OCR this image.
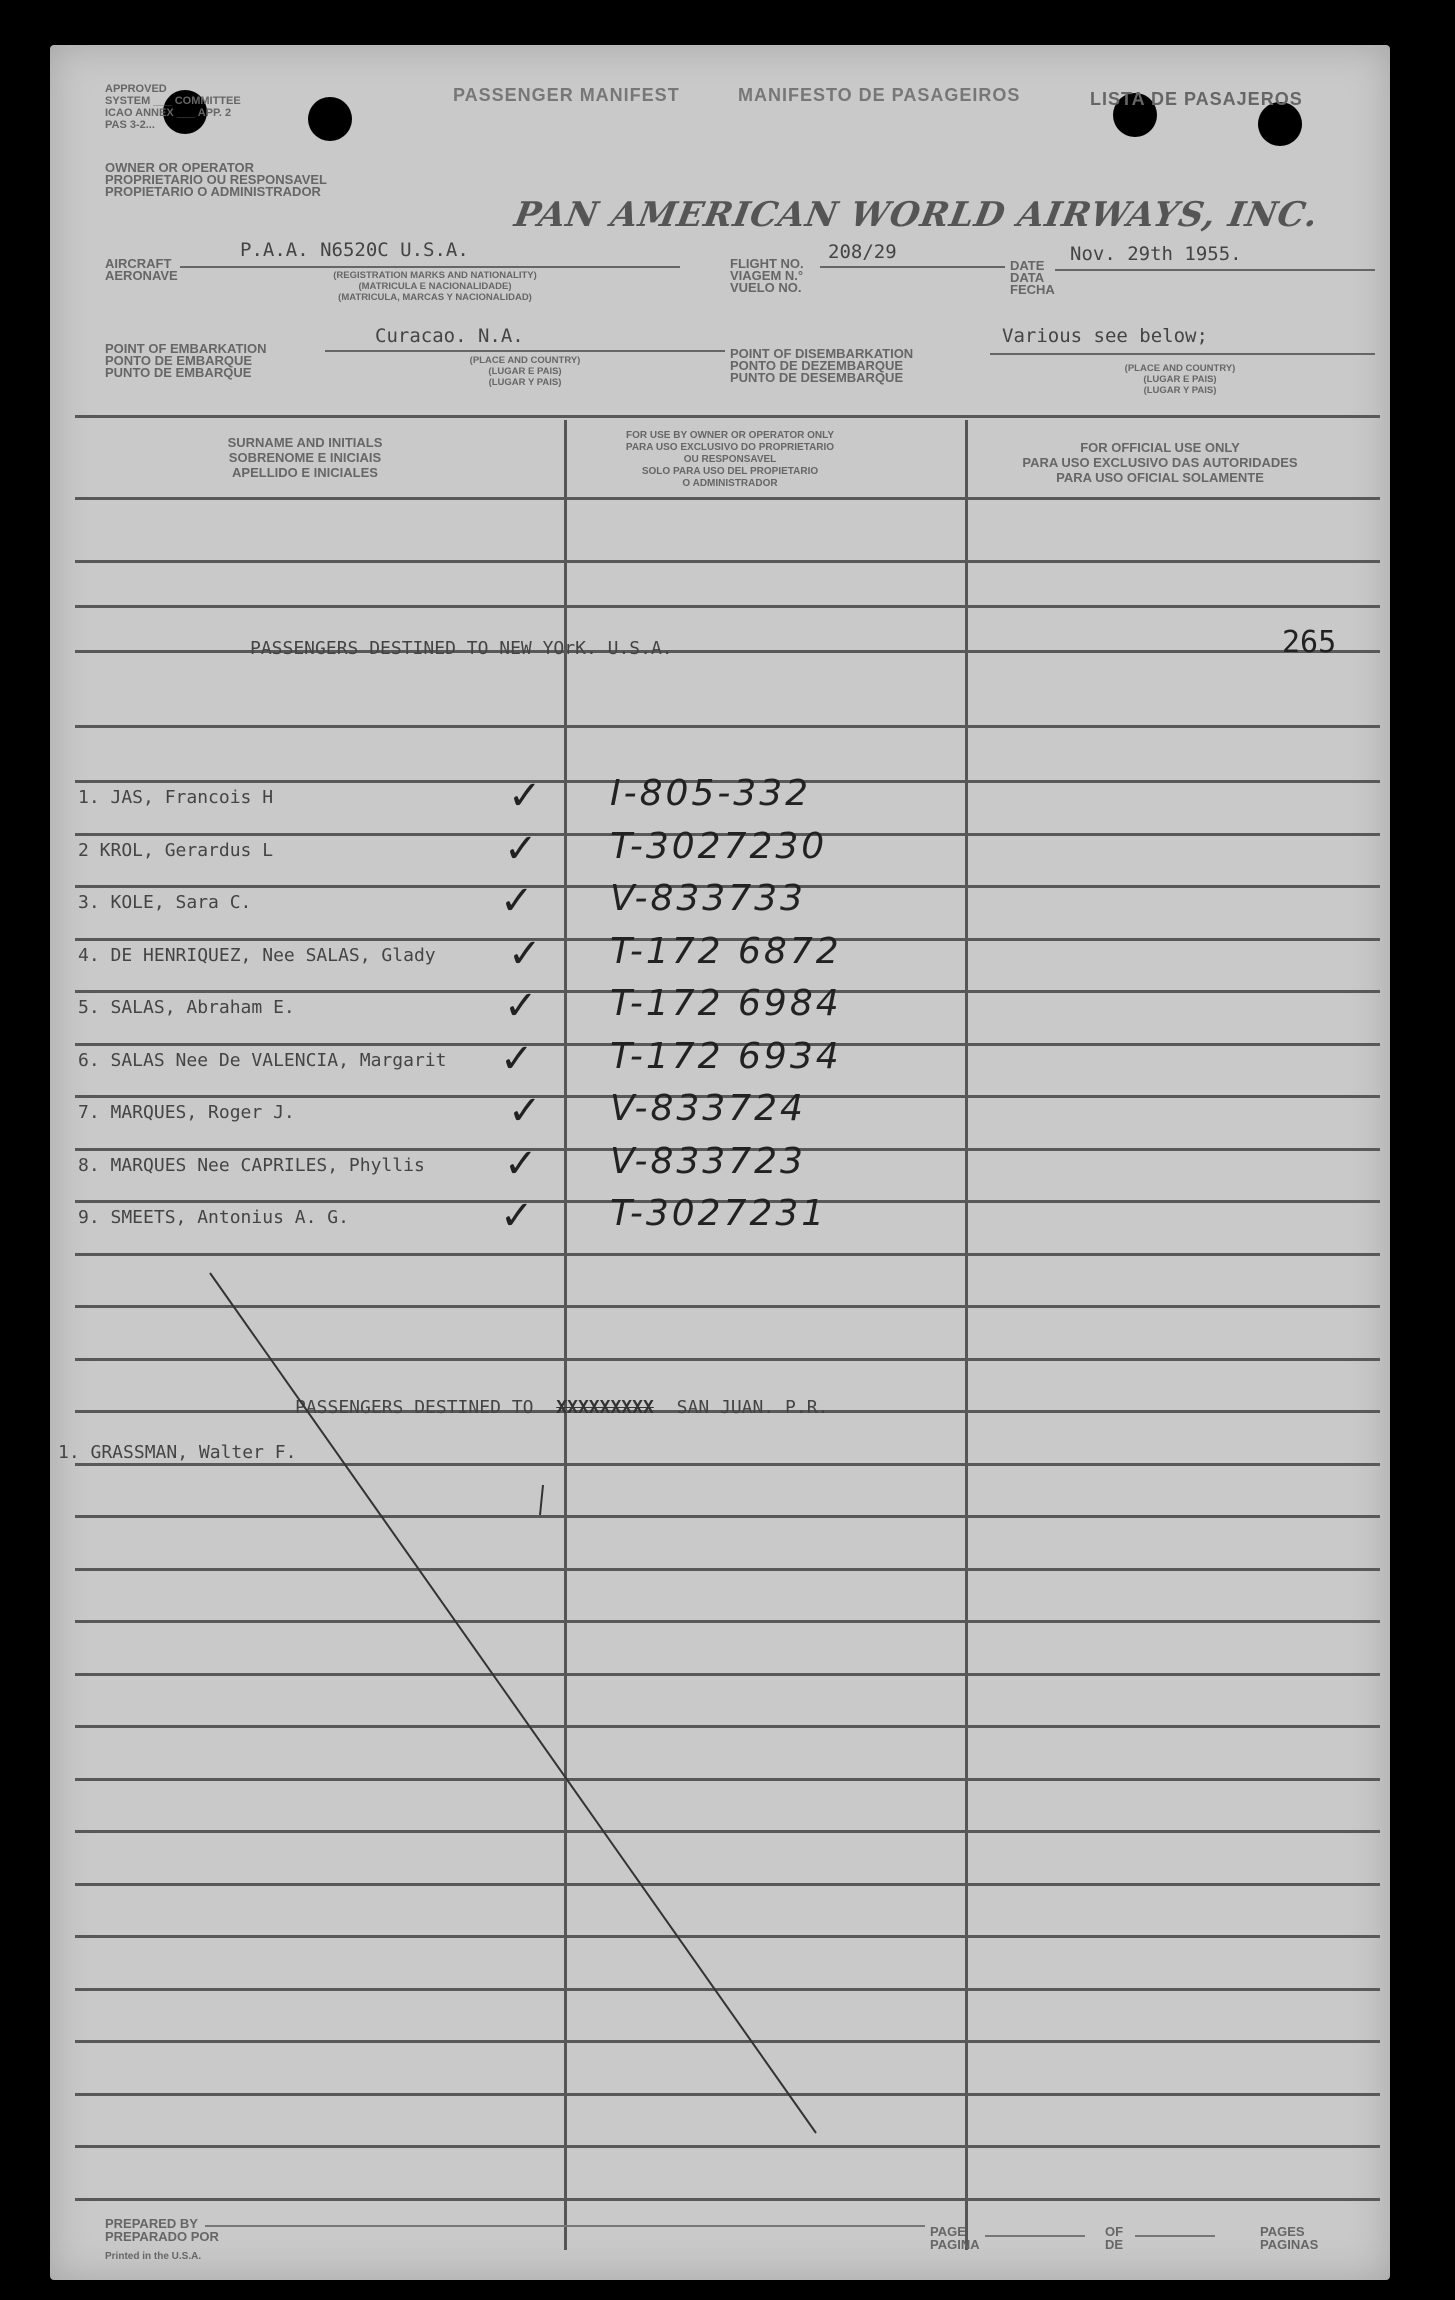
APPROVED
SYSTEM ___ COMMITTEE
ICAO ANNEX ___ APP. 2
PAS 3-2...
PASSENGER MANIFEST	MANIFESTO DE PASAGEIROS	LISTA DE PASAJEROS
OWNER OR OPERATOR
PROPRIETARIO OU RESPONSAVEL
PROPIETARIO O ADMINISTRADOR
PAN AMERICAN WORLD AIRWAYS, INC.
AIRCRAFT
AERONAVE
P.A.A. N6520C U.S.A.
(REGISTRATION MARKS AND NATIONALITY)
(MATRICULA E NACIONALIDADE)
(MATRICULA, MARCAS Y NACIONALIDAD)
FLIGHT NO.
VIAGEM N.°
VUELO NO.
208/29
DATE
DATA
FECHA
Nov. 29th 1955.
POINT OF EMBARKATION
PONTO DE EMBARQUE
PUNTO DE EMBARQUE
Curacao. N.A.
(PLACE AND COUNTRY)
(LUGAR E PAIS)
(LUGAR Y PAIS)
POINT OF DISEMBARKATION
PONTO DE DEZEMBARQUE
PUNTO DE DESEMBARQUE
Various see below;
(PLACE AND COUNTRY)
(LUGAR E PAIS)
(LUGAR Y PAIS)
SURNAME AND INITIALS
SOBRENOME E INICIAIS
APELLIDO E INICIALES
FOR USE BY OWNER OR OPERATOR ONLY
PARA USO EXCLUSIVO DO PROPRIETARIO
OU RESPONSAVEL
SOLO PARA USO DEL PROPIETARIO
O ADMINISTRADOR
FOR OFFICIAL USE ONLY
PARA USO EXCLUSIVO DAS AUTORIDADES
PARA USO OFICIAL SOLAMENTE
265
PASSENGERS DESTINED TO NEW YOrK. U.S.A.
1. JAS, Francois H	✓ I-805-332
2 KROL, Gerardus L	✓ T-3027230
3. KOLE, Sara C.	✓ V-833733
4. DE HENRIQUEZ, Nee SALAS, Glady ✓ T-172 6872
5. SALAS, Abraham E.	✓ T-172 6984
6. SALAS Nee De VALENCIA, Margarit ✓ T-172 6934
7. MARQUES, Roger J.	✓ V-833724
8. MARQUES Nee CAPRILES, Phyllis ✓ V-833723
9. SMEETS, Antonius A. G.	✓ T-3027231
PASSENGERS DESTINED TO XXXXXXXXX SAN JUAN. P.R.
1. GRASSMAN, Walter F.
PREPARED BY
PREPARADO POR
Printed in the U.S.A.
PAGE
PAGINA
OF
DE
PAGES
PAGINAS
